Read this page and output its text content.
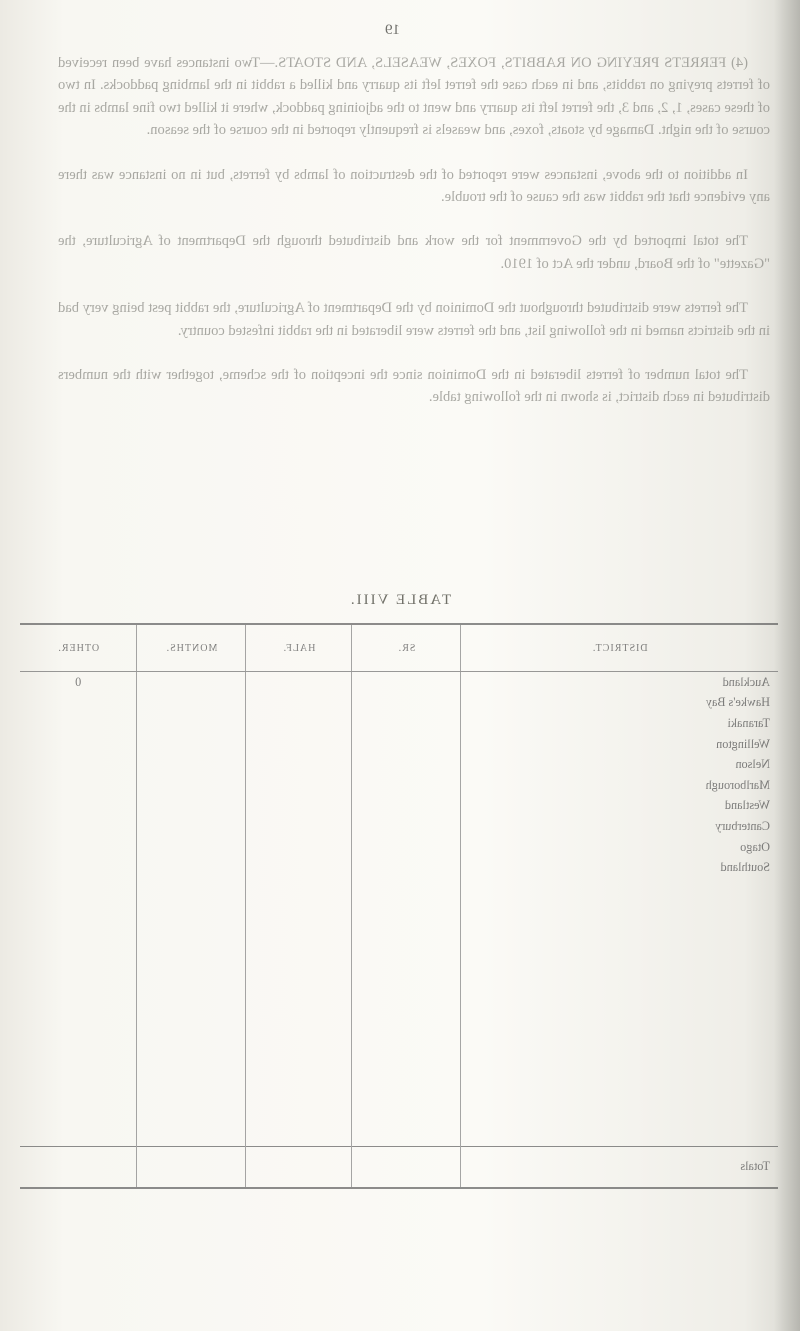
19

(4) FERRETS PREYING ON RABBITS, FOXES, WEASELS, AND STOATS.—Two instances have been received of ferrets preying on rabbits, and in each case the ferret left its quarry and killed a rabbit in the lambing paddocks. In two of these cases, 1, 2, and 3, the ferret left its quarry and went to the adjoining paddock, where it killed two fine lambs in the course of the night. Damage by stoats, foxes, and weasels is frequently reported in the course of the season.

In addition to the above, instances were reported of the destruction of lambs by ferrets, but in no instance was there any evidence that the rabbit was the cause of the trouble.

The total imported by the Government for the work and distributed through the Department of Agriculture, the "Gazette" of the Board, under the Act of 1910.

The ferrets were distributed throughout the Dominion by the Department of Agriculture, the rabbit pest being very bad in the districts named in the following list, and the ferrets were liberated in the rabbit infested country.

The total number of ferrets liberated in the Dominion since the inception of the scheme, together with the numbers distributed in each district, is shown in the following table.

TABLE VIII.
DISTRICT.	SR.	HALF.	MONTHS.	OTHER.
Auckland				0
Hawke's Bay				
Taranaki				
Wellington				
Nelson				
Marlborough				
Westland				
Canterbury				
Otago				
Southland				

Totals				
